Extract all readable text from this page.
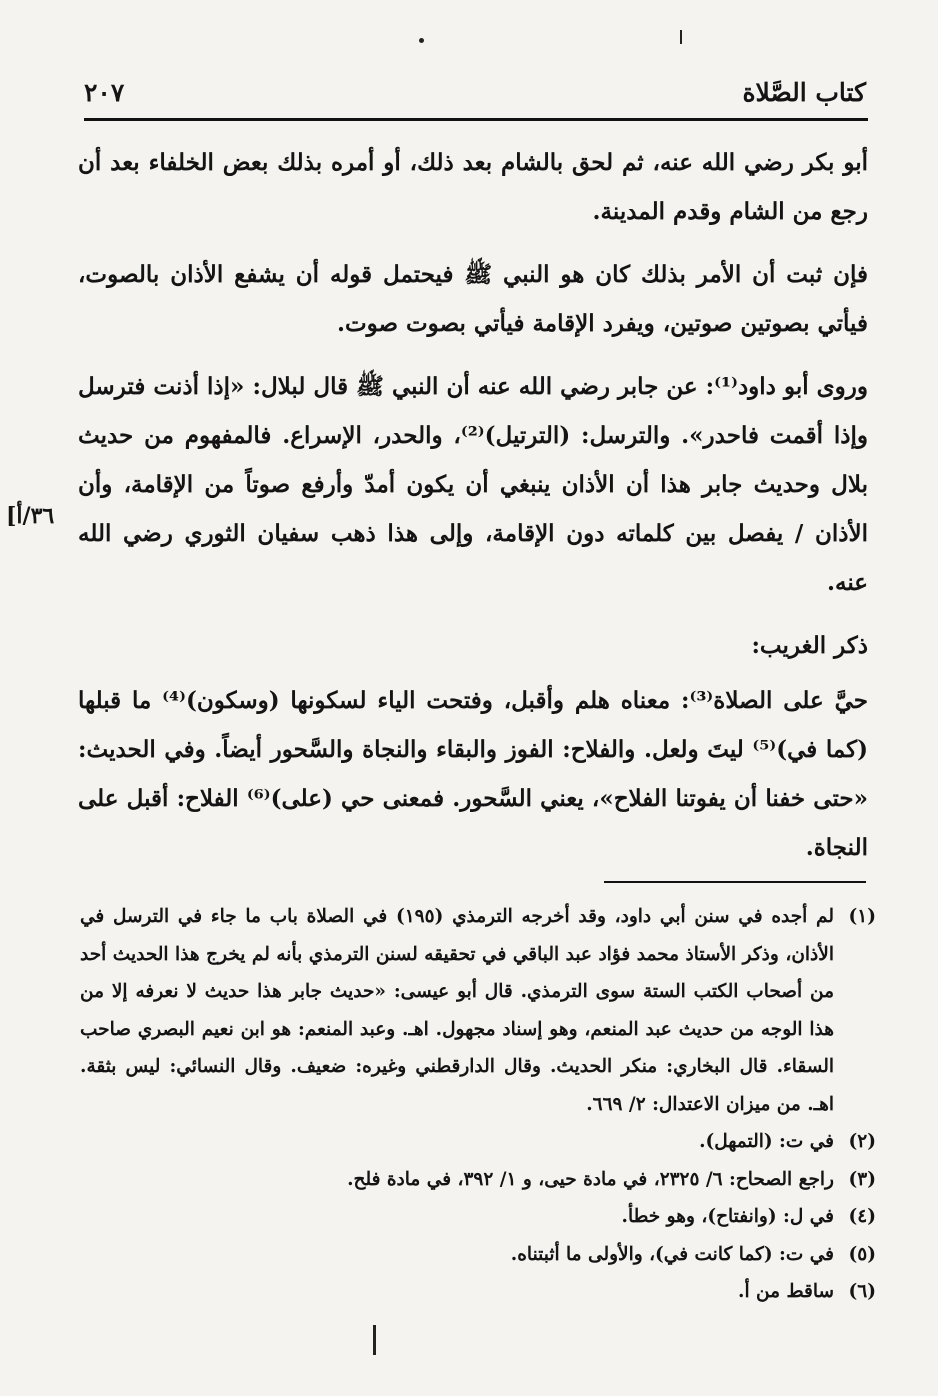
كتاب الصَّلاة
٢٠٧

أبو بكر رضي الله عنه، ثم لحق بالشام بعد ذلك، أو أمره بذلك بعض الخلفاء بعد أن رجع من الشام وقدم المدينة.

فإن ثبت أن الأمر بذلك كان هو النبي ﷺ فيحتمل قوله أن يشفع الأذان بالصوت، فيأتي بصوتين صوتين، ويفرد الإقامة فيأتي بصوت صوت.

وروى أبو داود⁽¹⁾: عن جابر رضي الله عنه أن النبي ﷺ قال لبلال: «إذا أذنت فترسل وإذا أقمت فاحدر». والترسل: (الترتيل)⁽²⁾، والحدر، الإسراع. فالمفهوم من حديث بلال وحديث جابر هذا أن الأذان ينبغي أن يكون أمدّ وأرفع صوتاً من الإقامة، وأن الأذان / يفصل بين كلماته دون الإقامة، وإلى هذا ذهب سفيان الثوري رضي الله عنه.

ذكر الغريب:

حيَّ على الصلاة⁽³⁾: معناه هلم وأقبل، وفتحت الياء لسكونها (وسكون)⁽⁴⁾ ما قبلها (كما في)⁽⁵⁾ ليتَ ولعل. والفلاح: الفوز والبقاء والنجاة والسَّحور أيضاً. وفي الحديث: «حتى خفنا أن يفوتنا الفلاح»، يعني السَّحور. فمعنى حي (على)⁽⁶⁾ الفلاح: أقبل على النجاة.

٣٦/أ]
(١)
لم أجده في سنن أبي داود، وقد أخرجه الترمذي (١٩٥) في الصلاة باب ما جاء في الترسل في الأذان، وذكر الأستاذ محمد فؤاد عبد الباقي في تحقيقه لسنن الترمذي بأنه لم يخرج هذا الحديث أحد من أصحاب الكتب الستة سوى الترمذي. قال أبو عيسى: «حديث جابر هذا حديث لا نعرفه إلا من هذا الوجه من حديث عبد المنعم، وهو إسناد مجهول. اهـ. وعبد المنعم: هو ابن نعيم البصري صاحب السقاء. قال البخاري: منكر الحديث. وقال الدارقطني وغيره: ضعيف. وقال النسائي: ليس بثقة. اهـ. من ميزان الاعتدال: ٢/ ٦٦٩.
(٢)
في ت: (التمهل).
(٣)
راجع الصحاح: ٦/ ٢٣٢٥، في مادة حيى، و ١/ ٣٩٢، في مادة فلح.
(٤)
في ل: (وانفتاح)، وهو خطأ.
(٥)
في ت: (كما كانت في)، والأولى ما أثبتناه.
(٦)
ساقط من أ.
